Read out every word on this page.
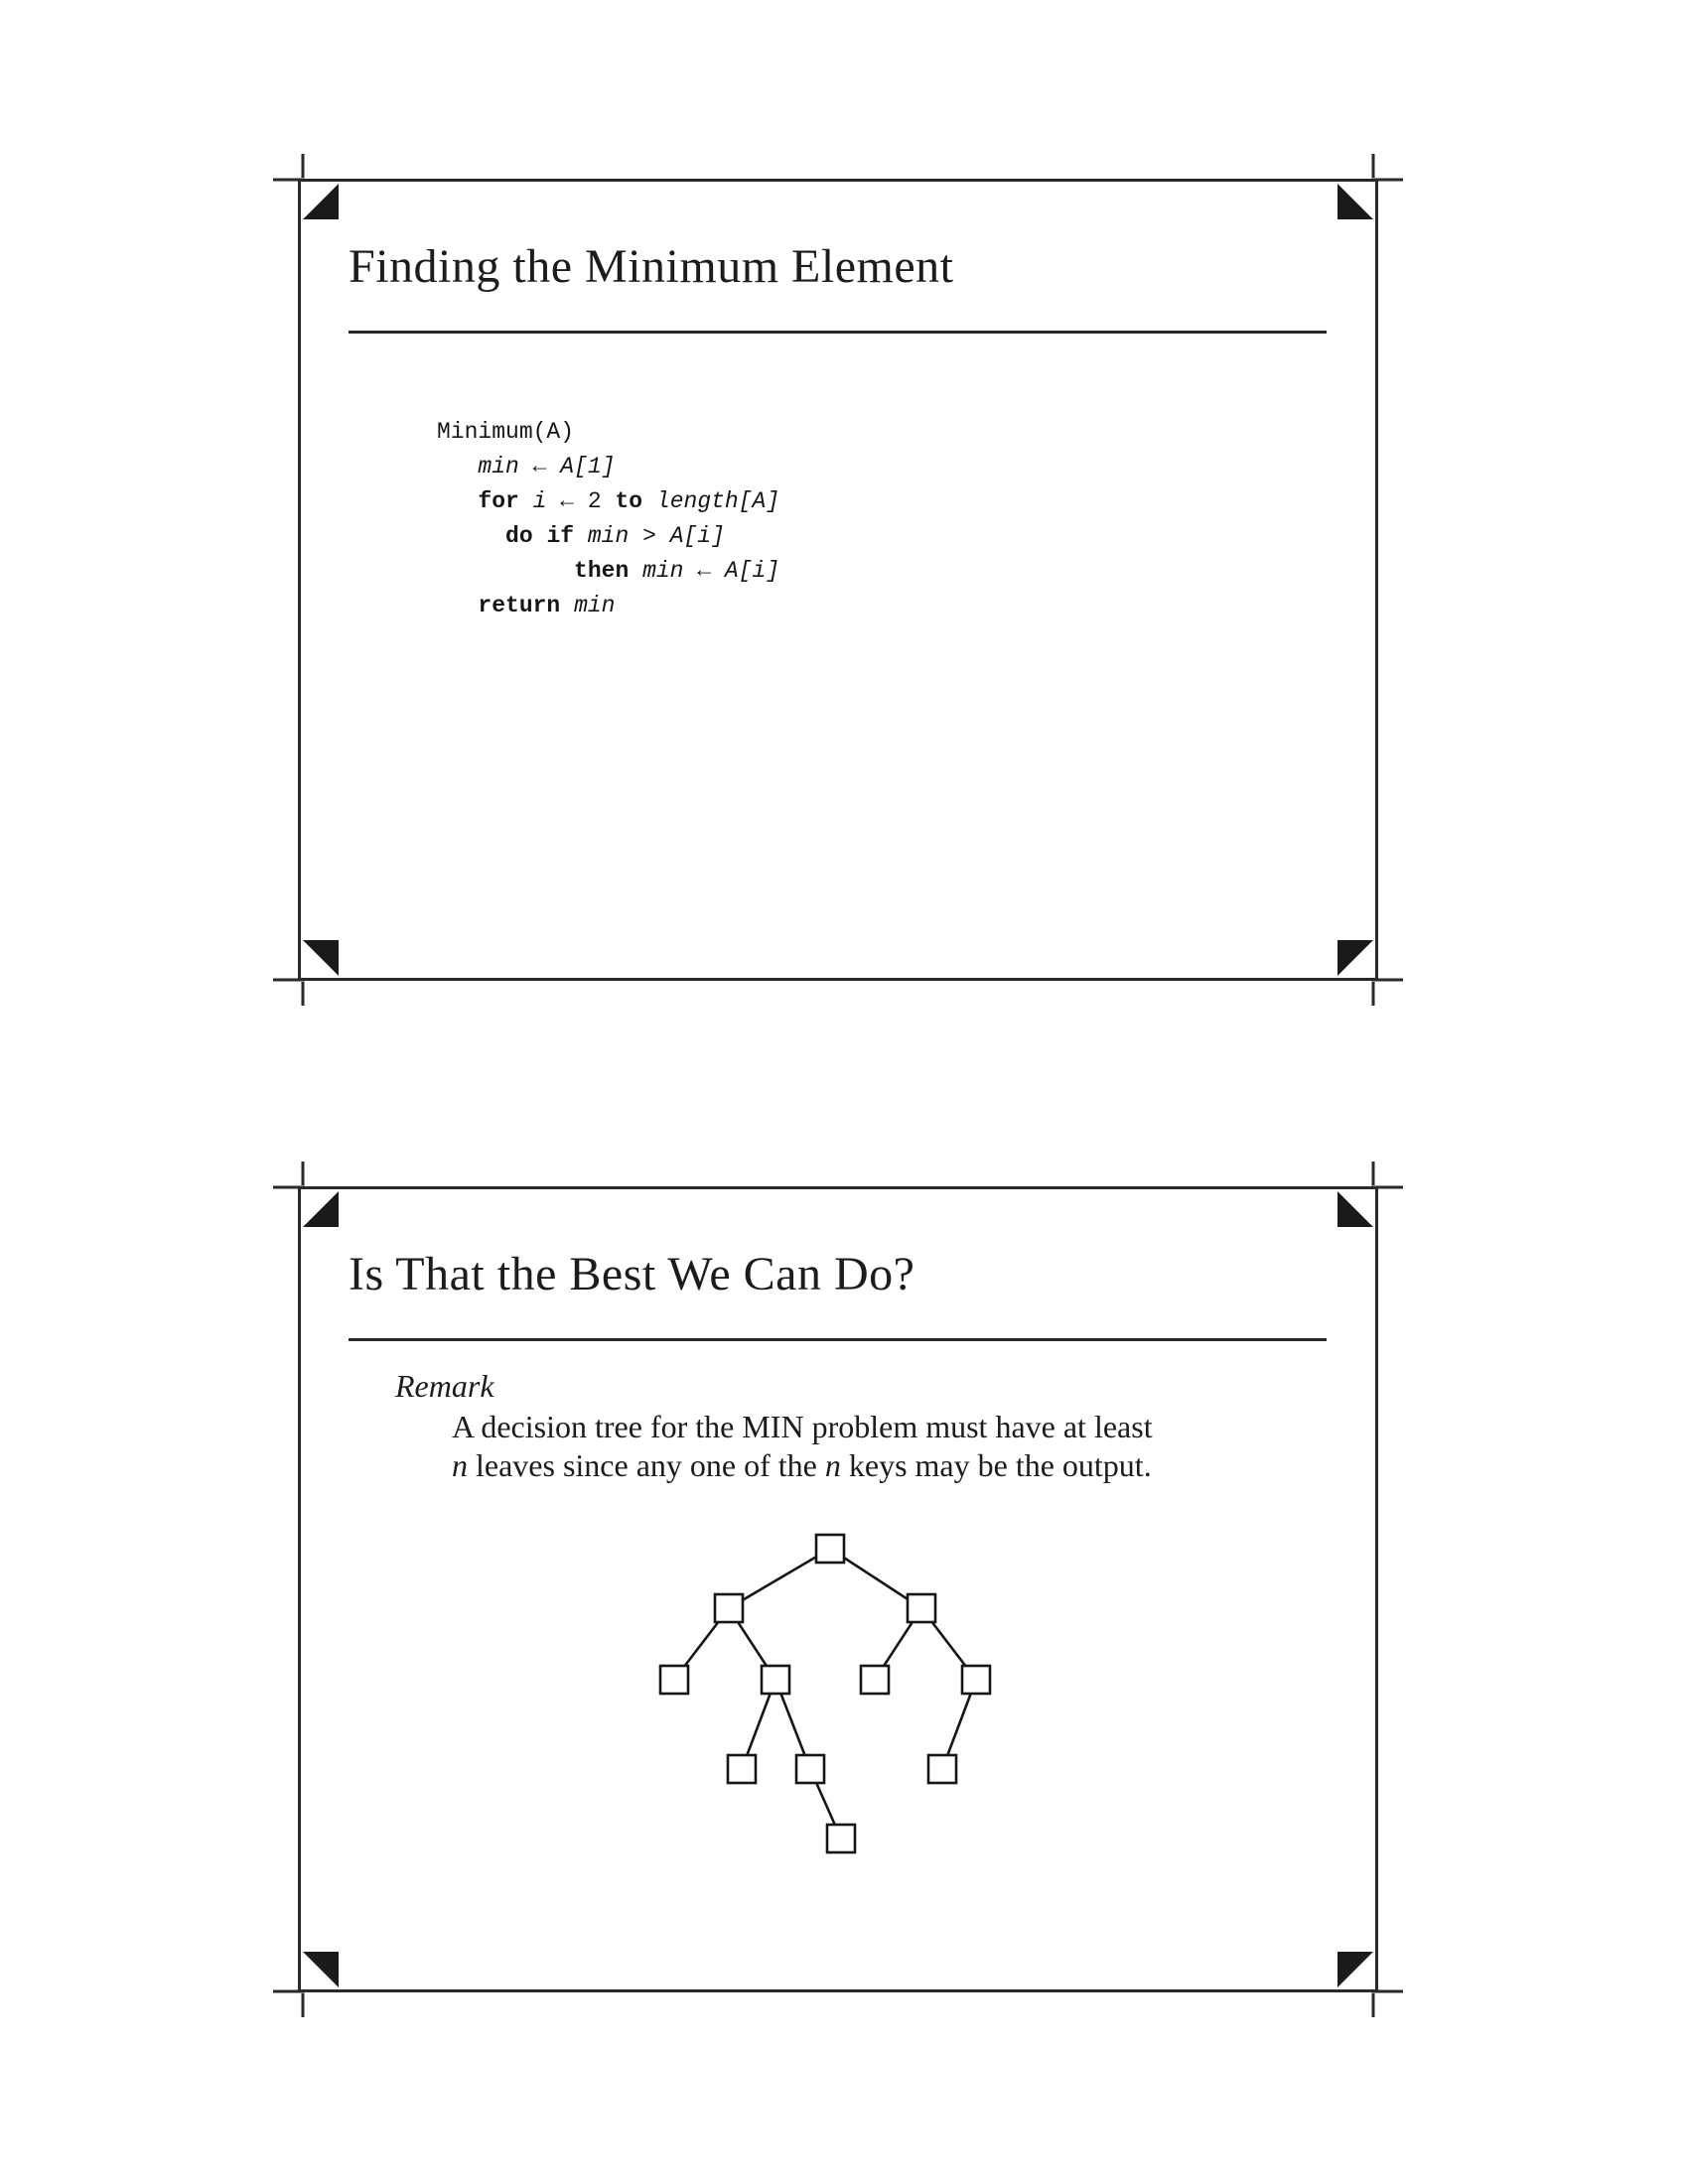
Finding the Minimum Element
Minimum(A)
min ← A[1]
for i ← 2 to length[A]
do if min > A[i]
then min ← A[i]
return min
Is That the Best We Can Do?
Remark
A decision tree for the MIN problem must have at least
n leaves since any one of the n keys may be the output.
